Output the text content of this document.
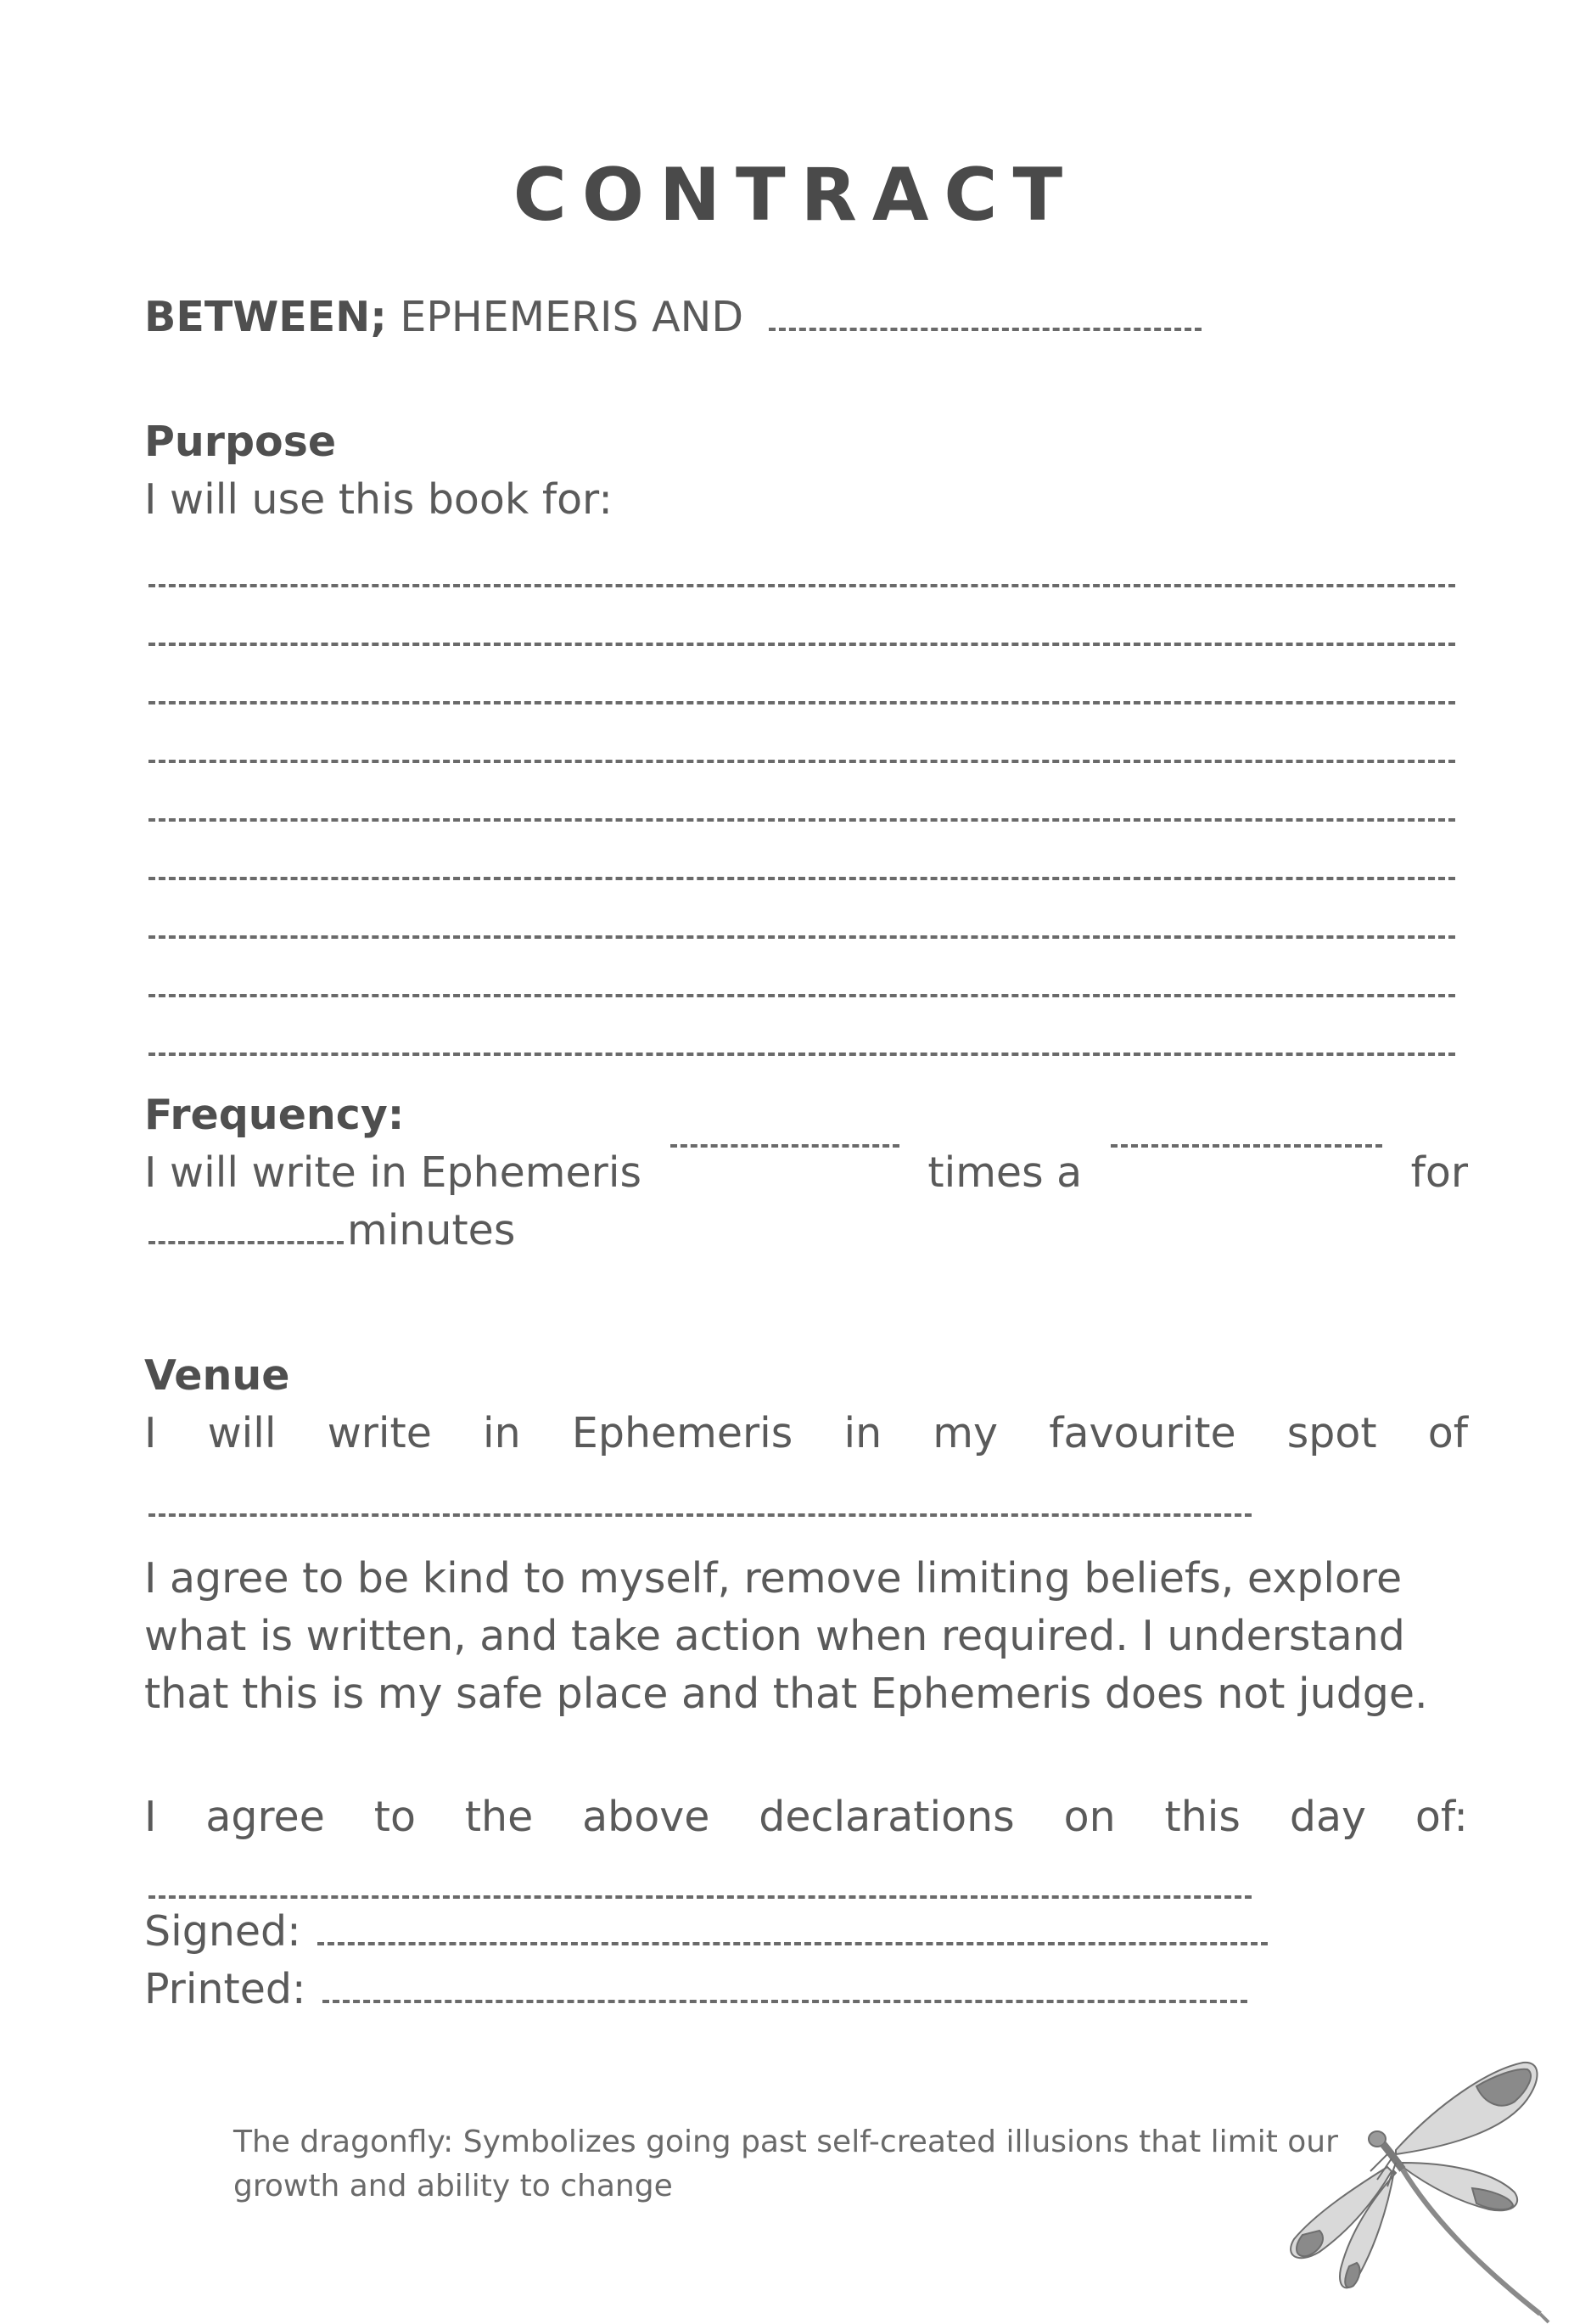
CONTRACT
BETWEEN; EPHEMERIS AND
Purpose
I will use this book for:
Frequency:
I will write in Ephemeris	times a	for
minutes
Venue
I will write in Ephemeris in my favourite spot of
I agree to be kind to myself, remove limiting beliefs, explore what is written, and take action when required. I understand that this is my safe place and that Ephemeris does not judge.
I agree to the above declarations on this day of:
Signed:
Printed:
The dragonfly: Symbolizes going past self-created illusions that limit our growth and ability to change
